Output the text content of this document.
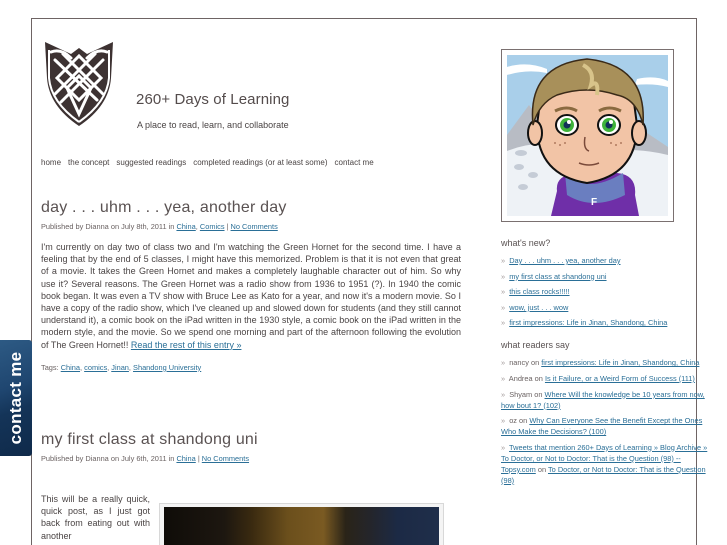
260+ Days of Learning
A place to read, learn, and collaborate
home the concept suggested readings completed readings (or at least some) contact me
day . . . uhm . . . yea, another day
Published by Dianna on July 8th, 2011 in China, Comics | No Comments

I'm currently on day two of class two and I'm watching the Green Hornet for the second time. I have a feeling that by the end of 5 classes, I might have this memorized. Problem is that it is not even that great of a movie. It takes the Green Hornet and makes a completely laughable character out of him. So why use it? Several reasons. The Green Hornet was a radio show from 1936 to 1951 (?). In 1940 the comic book began. It was even a TV show with Bruce Lee as Kato for a year, and now it's a modern movie. So I have a copy of the radio show, which I've cleaned up and slowed down for students (and they still cannot understand it), a comic book on the iPad written in the 1930 style, a comic book on the iPad written in the modern style, and the movie. So we spend one morning and part of the afternoon following the evolution of The Green Hornet!! Read the rest of this entry »

Tags: China, comics, Jinan, Shandong University
my first class at shandong uni
Published by Dianna on July 6th, 2011 in China | No Comments

This will be a really quick, quick post, as I just got back from eating out with another

F
what's new?
» Day . . . uhm . . . yea, another day
» my first class at shandong uni
» this class rocks!!!!!
» wow, just . . . wow
» first impressions: Life in Jinan, Shandong, China
what readers say
» nancy on first impressions: Life in Jinan, Shandong, China
» Andrea on Is it Failure, or a Weird Form of Success (111)
» Shyam on Where Will the knowledge be 10 years from now, how bout 1? (102)
» oz on Why Can Everyone See the Benefit Except the Ones Who Make the Decisions? (100)
» Tweets that mention 260+ Days of Learning » Blog Archive » To Doctor, or Not to Doctor: That is the Question (98) -- Topsy.com on To Doctor, or Not to Doctor: That is the Question (98)
contact me
